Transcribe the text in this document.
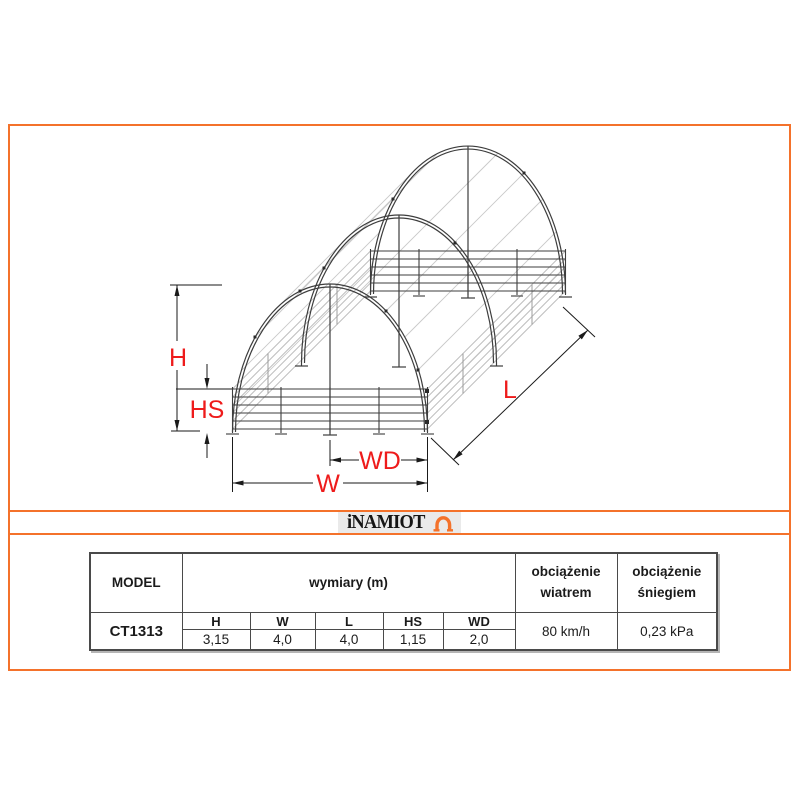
H
HS
W
WD
L
iNAMIOT
MODEL	wymiary (m)					obciążenie wiatrem	obciążenie śniegiem
CT1313	H	W	L	HS	WD	80 km/h	0,23 kPa
	3,15	4,0	4,0	1,15	2,0		
